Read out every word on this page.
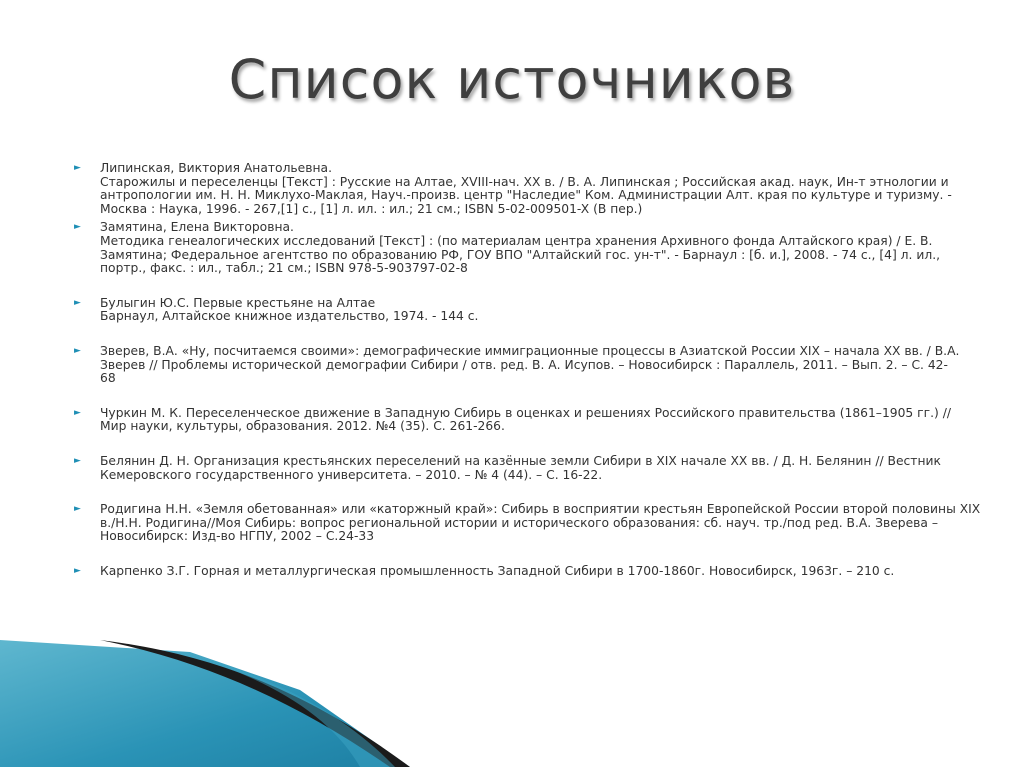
Список источников
► Липинская, Виктория Анатольевна.
Старожилы и переселенцы [Текст] : Русские на Алтае, XVIII-нач. XX в. / В. А. Липинская ; Российская акад. наук, Ин-т этнологии и
антропологии им. Н. Н. Миклухо-Маклая, Науч.-произв. центр "Наследие" Ком. Администрации Алт. края по культуре и туризму. -
Москва : Наука, 1996. - 267,[1] с., [1] л. ил. : ил.; 21 см.; ISBN 5-02-009501-X (В пер.)
► Замятина, Елена Викторовна.
Методика генеалогических исследований [Текст] : (по материалам центра хранения Архивного фонда Алтайского края) / Е. В.
Замятина; Федеральное агентство по образованию РФ, ГОУ ВПО "Алтайский гос. ун-т". - Барнаул : [б. и.], 2008. - 74 с., [4] л. ил.,
портр., факс. : ил., табл.; 21 см.; ISBN 978-5-903797-02-8
► Булыгин Ю.С. Первые крестьяне на Алтае
Барнаул, Алтайское книжное издательство, 1974. - 144 с.
► Зверев, В.А. «Ну, посчитаемся своими»: демографические иммиграционные процессы в Азиатской России XIX – начала XX вв. / В.А.
Зверев // Проблемы исторической демографии Сибири / отв. ред. В. А. Исупов. – Новосибирск : Параллель, 2011. – Вып. 2. – С. 42-
68
► Чуркин М. К. Переселенческое движение в Западную Сибирь в оценках и решениях Российского правительства (1861–1905 гг.) //
Мир науки, культуры, образования. 2012. №4 (35). С. 261-266.
► Белянин Д. Н. Организация крестьянских переселений на казённые земли Сибири в XIX начале XX вв. / Д. Н. Белянин // Вестник
Кемеровского государственного университета. – 2010. – № 4 (44). – С. 16-22.
► Родигина Н.Н. «Земля обетованная» или «каторжный край»: Сибирь в восприятии крестьян Европейской России второй половины XIX
в./Н.Н. Родигина//Моя Сибирь: вопрос региональной истории и исторического образования: сб. науч. тр./под ред. В.А. Зверева –
Новосибирск: Изд-во НГПУ, 2002 – С.24-33
► Карпенко З.Г. Горная и металлургическая промышленность Западной Сибири в 1700-1860г. Новосибирск, 1963г. – 210 с.
